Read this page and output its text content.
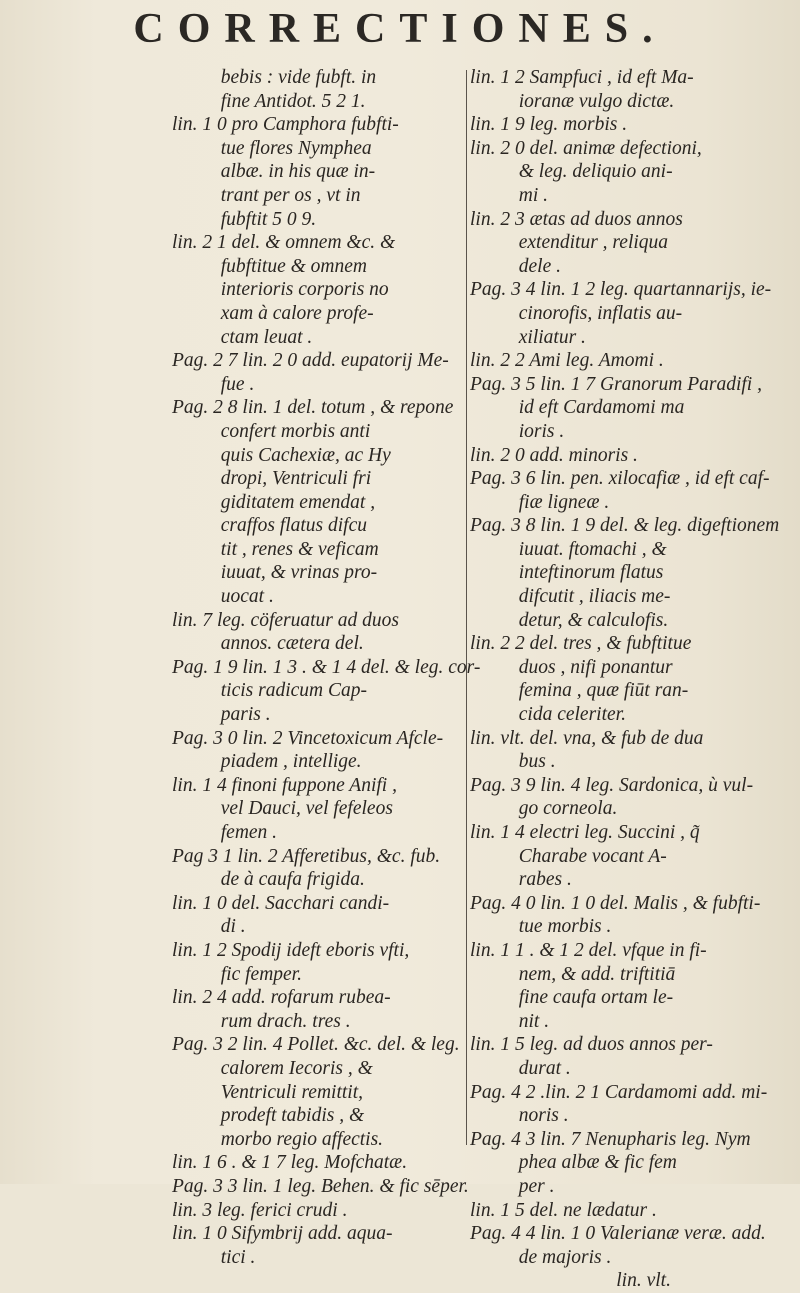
CORRECTIONES.
bebis : vide fubft. in
fine Antidot. 5 2 1.
lin. 1 0 pro Camphora fubfti-
tue flores Nymphea
albæ. in his quæ in-
trant per os , vt in
fubftit 5 0 9.
lin. 2 1 del. & omnem &c. &
fubftitue & omnem
interioris corporis no
xam à calore profe-
ctam leuat .
Pag. 2 7 lin. 2 0 add. eupatorij Me-
fue .
Pag. 2 8 lin. 1 del. totum , & repone
confert morbis anti
quis Cachexiæ, ac Hy
dropi, Ventriculi fri
giditatem emendat ,
craffos flatus difcu
tit , renes & veficam
iuuat, & vrinas pro-
uocat .
lin. 7 leg. cöferuatur ad duos
annos. cætera del.
Pag. 1 9 lin. 1 3 . & 1 4 del. & leg. cor-
ticis radicum Cap-
paris .
Pag. 3 0 lin. 2 Vincetoxicum Afcle-
piadem , intellige.
lin. 1 4 finoni fuppone Anifi ,
vel Dauci, vel fefeleos
femen .
Pag 3 1 lin. 2 Afferetibus, &c. fub.
de à caufa frigida.
lin. 1 0 del. Sacchari candi-
di .
lin. 1 2 Spodij ideft eboris vfti,
fic femper.
lin. 2 4 add. rofarum rubea-
rum drach. tres .
Pag. 3 2 lin. 4 Pollet. &c. del. & leg.
calorem Iecoris , &
Ventriculi remittit,
prodeft tabidis , &
morbo regio affectis.
lin. 1 6 . & 1 7 leg. Mofchatæ.
Pag. 3 3 lin. 1 leg. Behen. & fic sēper.
lin. 3 leg. ferici crudi .
lin. 1 0 Sifymbrij add. aqua-
tici .
lin. 1 2 Sampfuci , id eft Ma-
ioranæ vulgo dictæ.
lin. 1 9 leg. morbis .
lin. 2 0 del. animæ defectioni,
& leg. deliquio ani-
mi .
lin. 2 3 ætas ad duos annos
extenditur , reliqua
dele .
Pag. 3 4 lin. 1 2 leg. quartannarijs, ie-
cinorofis, inflatis au-
xiliatur .
lin. 2 2 Ami leg. Amomi .
Pag. 3 5 lin. 1 7 Granorum Paradifi ,
id eft Cardamomi ma
ioris .
lin. 2 0 add. minoris .
Pag. 3 6 lin. pen. xilocafiæ , id eft caf-
fiæ ligneæ .
Pag. 3 8 lin. 1 9 del. & leg. digeftionem
iuuat. ftomachi , &
inteftinorum flatus
difcutit , iliacis me-
detur, & calculofis.
lin. 2 2 del. tres , & fubftitue
duos , nifi ponantur
femina , quæ fiūt ran-
cida celeriter.
lin. vlt. del. vna, & fub de dua
bus .
Pag. 3 9 lin. 4 leg. Sardonica, ù vul-
go corneola.
lin. 1 4 electri leg. Succini , q̃
Charabe vocant A-
rabes .
Pag. 4 0 lin. 1 0 del. Malis , & fubfti-
tue morbis .
lin. 1 1 . & 1 2 del. vfque in fi-
nem, & add. triftitiā
fine caufa ortam le-
nit .
lin. 1 5 leg. ad duos annos per-
durat .
Pag. 4 2 .lin. 2 1 Cardamomi add. mi-
noris .
Pag. 4 3 lin. 7 Nenupharis leg. Nym
phea albæ & fic fem
per .
lin. 1 5 del. ne lædatur .
Pag. 4 4 lin. 1 0 Valerianæ veræ. add.
de majoris .
lin. vlt.
